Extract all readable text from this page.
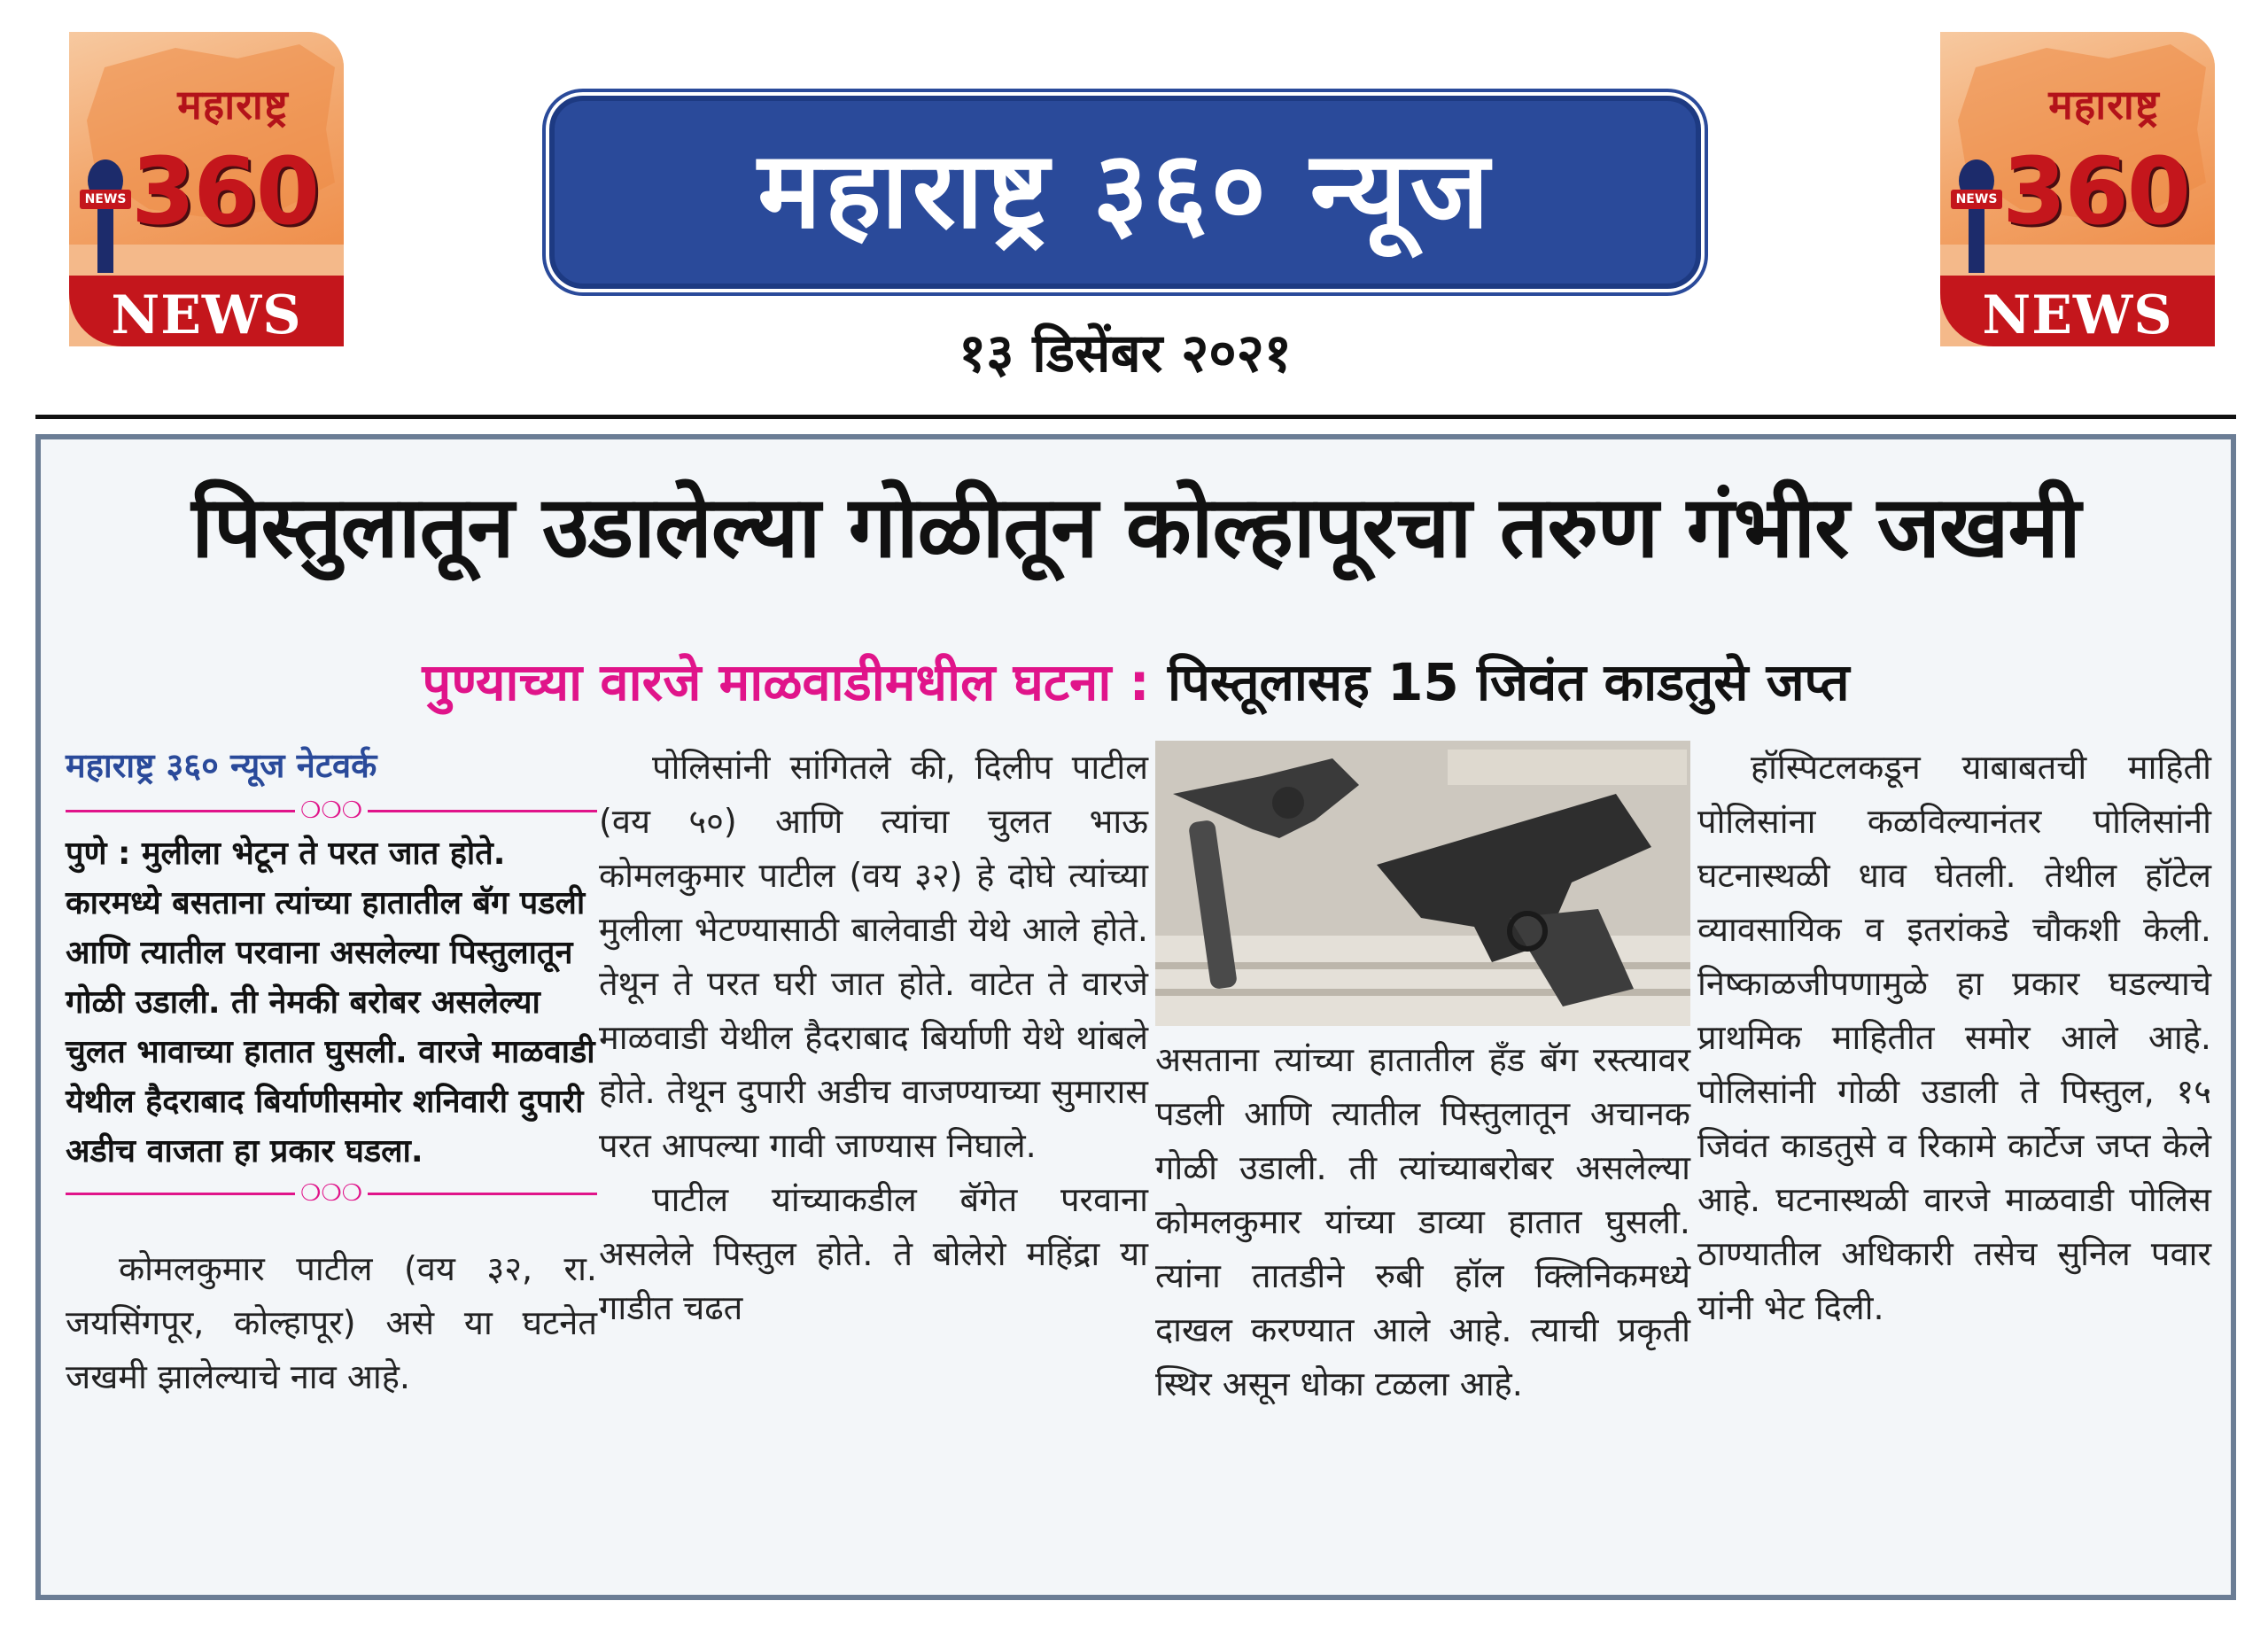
महाराष्ट्र
NEWS 360
NEWS
महाराष्ट्र
NEWS 360
NEWS
महाराष्ट्र ३६० न्यूज
१३ डिसेंबर २०२१
पिस्तुलातून उडालेल्या गोळीतून कोल्हापूरचा तरुण गंभीर जखमी
पुण्याच्या वारजे माळवाडीमधील घटना : पिस्तूलासह 15 जिवंत काडतुसे जप्त
महाराष्ट्र ३६० न्यूज नेटवर्क
❍❍❍

पुणे : मुलीला भेटून ते परत जात होते. कारमध्ये बसताना त्यांच्या हातातील बॅग पडली आणि त्यातील परवाना असलेल्या पिस्तुलातून गोळी उडाली. ती नेमकी बरोबर असलेल्या चुलत भावाच्या हातात घुसली. वारजे माळवाडी येथील हैदराबाद बिर्याणीसमोर शनिवारी दुपारी अडीच वाजता हा प्रकार घडला.

❍❍❍

कोमलकुमार पाटील (वय ३२, रा. जयसिंगपूर, कोल्हापूर) असे या घटनेत जखमी झालेल्याचे नाव आहे.

पोलिसांनी सांगितले की, दिलीप पाटील (वय ५०) आणि त्यांचा चुलत भाऊ कोमलकुमार पाटील (वय ३२) हे दोघे त्यांच्या मुलीला भेटण्यासाठी बालेवाडी येथे आले होते. तेथून ते परत घरी जात होते. वाटेत ते वारजे माळवाडी येथील हैदराबाद बिर्याणी येथे थांबले होते. तेथून दुपारी अडीच वाजण्याच्या सुमारास परत आपल्या गावी जाण्यास निघाले.

पाटील यांच्याकडील बॅगेत परवाना असलेले पिस्तुल होते. ते बोलेरो महिंद्रा या गाडीत चढत

असताना त्यांच्या हातातील हँड बॅग रस्त्यावर पडली आणि त्यातील पिस्तुलातून अचानक गोळी उडाली. ती त्यांच्याबरोबर असलेल्या कोमलकुमार यांच्या डाव्या हातात घुसली. त्यांना तातडीने रुबी हॉल क्लिनिकमध्ये दाखल करण्यात आले आहे. त्याची प्रकृती स्थिर असून धोका टळला आहे.

हॉस्पिटलकडून याबाबतची माहिती पोलिसांना कळविल्यानंतर पोलिसांनी घटनास्थळी धाव घेतली. तेथील हॉटेल व्यावसायिक व इतरांकडे चौकशी केली. निष्काळजीपणामुळे हा प्रकार घडल्याचे प्राथमिक माहितीत समोर आले आहे. पोलिसांनी गोळी उडाली ते पिस्तुल, १५ जिवंत काडतुसे व रिकामे कार्टेज जप्त केले आहे. घटनास्थळी वारजे माळवाडी पोलिस ठाण्यातील अधिकारी तसेच सुनिल पवार यांनी भेट दिली.
